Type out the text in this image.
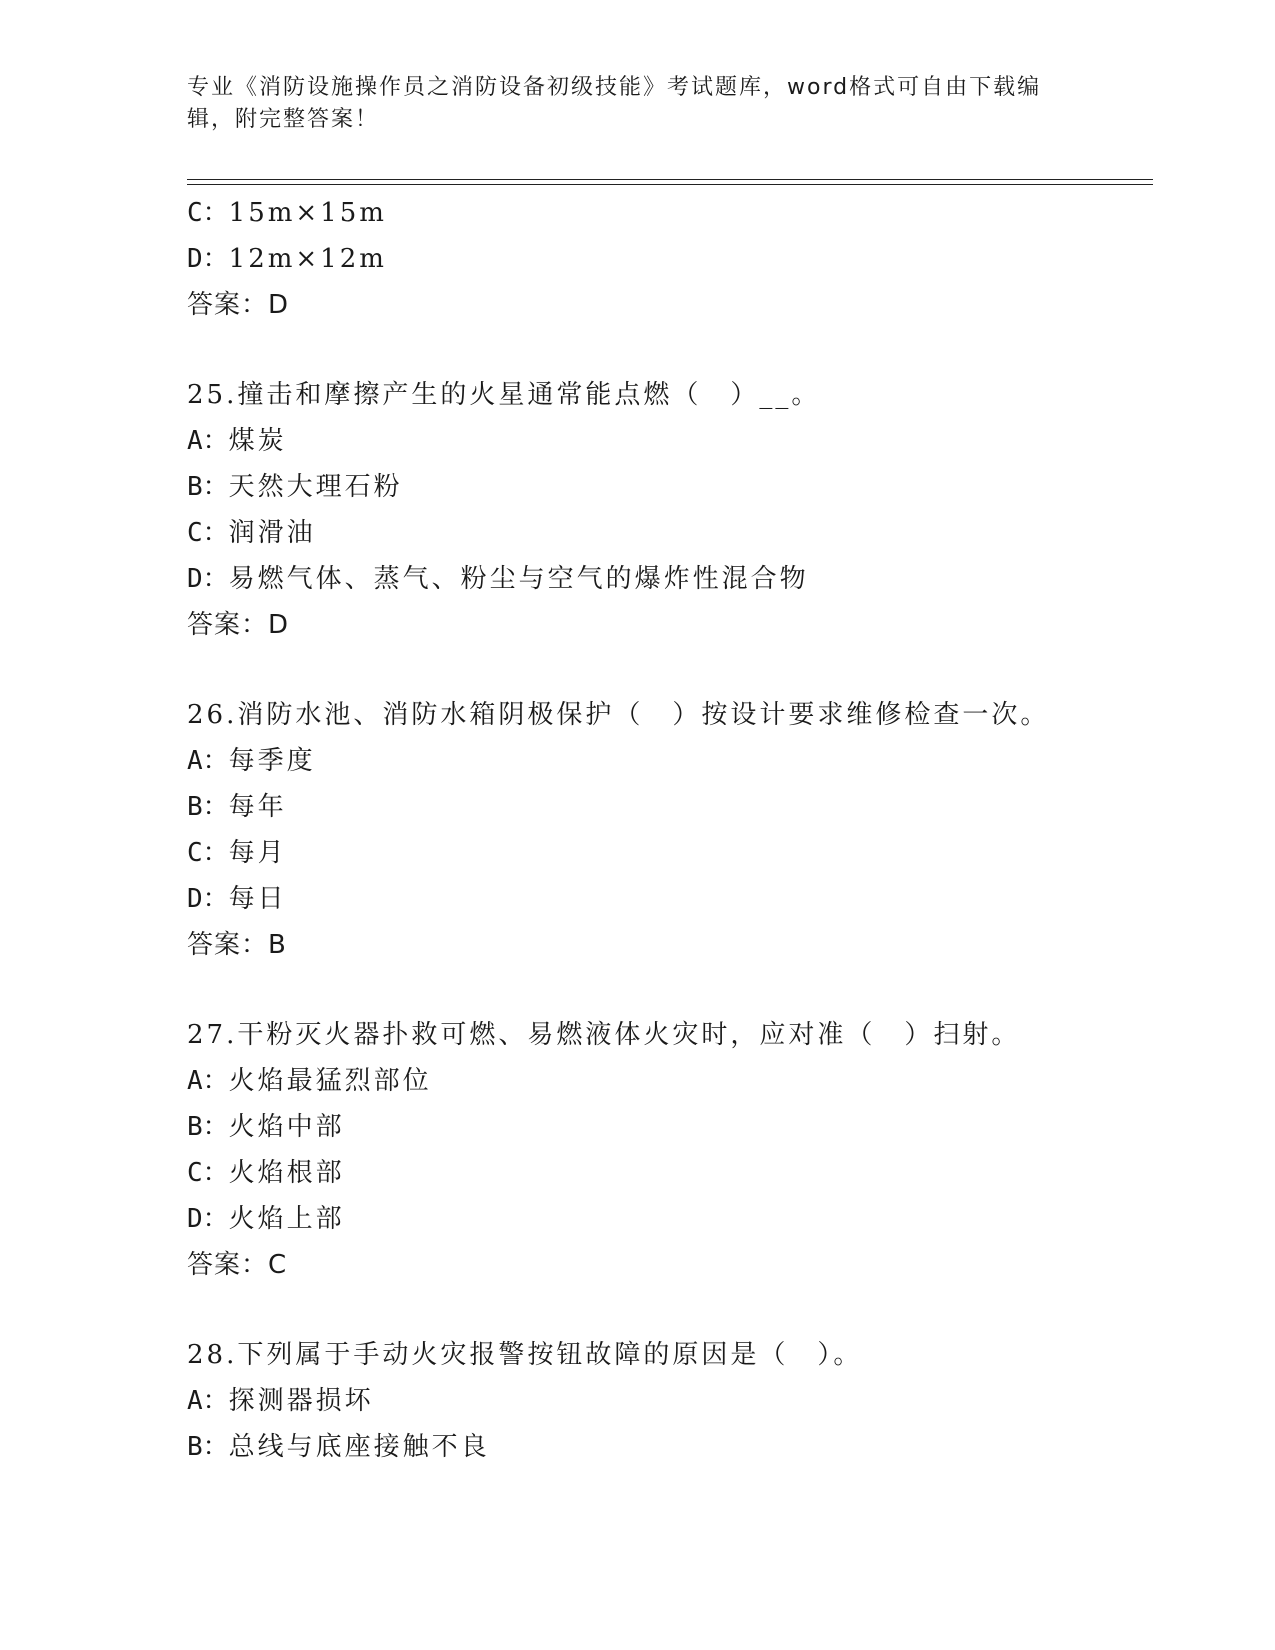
专业《消防设施操作员之消防设备初级技能》考试题库，word格式可自由下载编
辑，附完整答案！
C：15m×15m
D：12m×12m
答案：D
25.撞击和摩擦产生的火星通常能点燃（　）__。
A：煤炭
B：天然大理石粉
C：润滑油
D：易燃气体、蒸气、粉尘与空气的爆炸性混合物
答案：D
26.消防水池、消防水箱阴极保护（　）按设计要求维修检查一次。
A：每季度
B：每年
C：每月
D：每日
答案：B
27.干粉灭火器扑救可燃、易燃液体火灾时，应对准（　）扫射。
A：火焰最猛烈部位
B：火焰中部
C：火焰根部
D：火焰上部
答案：C
28.下列属于手动火灾报警按钮故障的原因是（　）。
A：探测器损坏
B：总线与底座接触不良
